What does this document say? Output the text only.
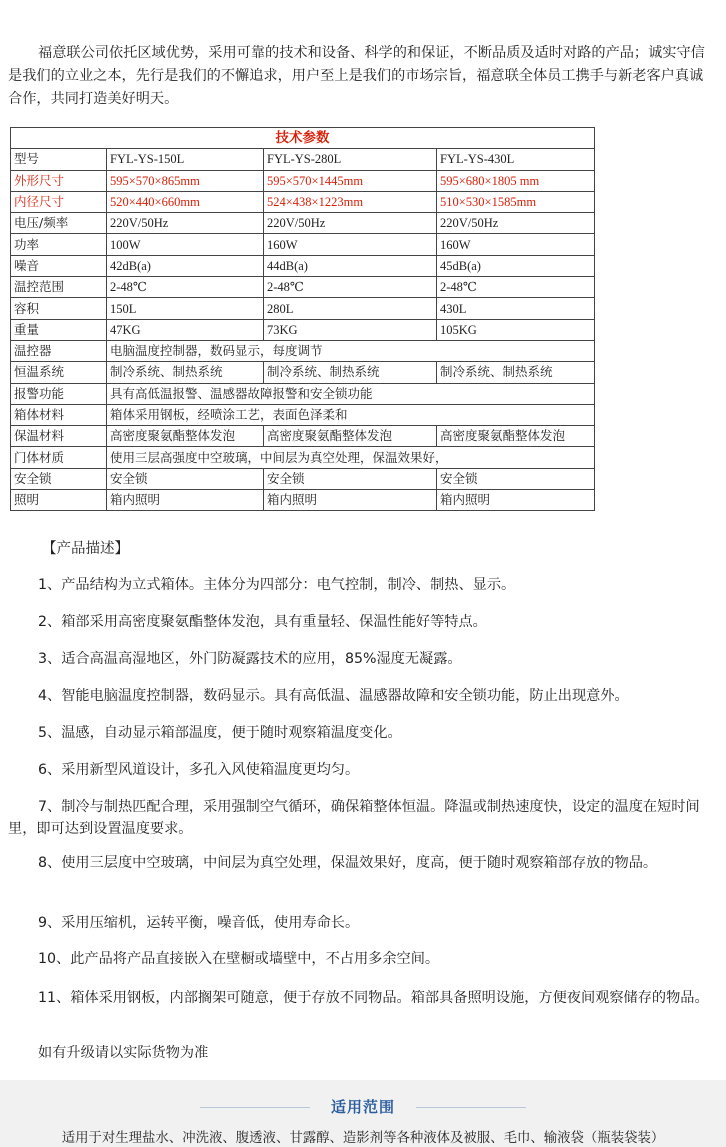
福意联公司依托区域优势，采用可靠的技术和设备、科学的和保证，不断品质及适时对路的产品；诚实守信是我们的立业之本，先行是我们的不懈追求，用户至上是我们的市场宗旨，福意联全体员工携手与新老客户真诚合作，共同打造美好明天。

技术参数			
型号	FYL-YS-150L	FYL-YS-280L	FYL-YS-430L
外形尺寸	595×570×865mm	595×570×1445mm	595×680×1805 mm
内径尺寸	520×440×660mm	524×438×1223mm	510×530×1585mm
电压/频率	220V/50Hz	220V/50Hz	220V/50Hz
功率	100W	160W	160W
噪音	42dB(a)	44dB(a)	45dB(a)
温控范围	2-48℃	2-48℃	2-48℃
容积	150L	280L	430L
重量	47KG	73KG	105KG
温控器	电脑温度控制器，数码显示，每度调节		
恒温系统	制冷系统、制热系统	制冷系统、制热系统	制冷系统、制热系统
报警功能	具有高低温报警、温感器故障报警和安全锁功能		
箱体材料	箱体采用钢板，经喷涂工艺，表面色泽柔和		
保温材料	高密度聚氨酯整体发泡	高密度聚氨酯整体发泡	高密度聚氨酯整体发泡
门体材质	使用三层高强度中空玻璃，中间层为真空处理，保温效果好，		
安全锁	安全锁	安全锁	安全锁
照明	箱内照明	箱内照明	箱内照明
【产品描述】

1、产品结构为立式箱体。主体分为四部分：电气控制，制冷、制热、显示。

2、箱部采用高密度聚氨酯整体发泡，具有重量轻、保温性能好等特点。

3、适合高温高湿地区，外门防凝露技术的应用，85%湿度无凝露。

4、智能电脑温度控制器，数码显示。具有高低温、温感器故障和安全锁功能，防止出现意外。

5、温感，自动显示箱部温度，便于随时观察箱温度变化。

6、采用新型风道设计，多孔入风使箱温度更均匀。

7、制冷与制热匹配合理，采用强制空气循环，确保箱整体恒温。降温或制热速度快，设定的温度在短时间里，即可达到设置温度要求。

8、使用三层度中空玻璃，中间层为真空处理，保温效果好，度高，便于随时观察箱部存放的物品。

9、采用压缩机，运转平衡，噪音低，使用寿命长。

10、此产品将产品直接嵌入在壁橱或墙壁中，不占用多余空间。

11、箱体采用钢板，内部搁架可随意，便于存放不同物品。箱部具备照明设施，方便夜间观察储存的物品。

如有升级请以实际货物为准

适用范围
适用于对生理盐水、冲洗液、腹透液、甘露醇、造影剂等各种液体及被服、毛巾、输液袋（瓶装袋装）
